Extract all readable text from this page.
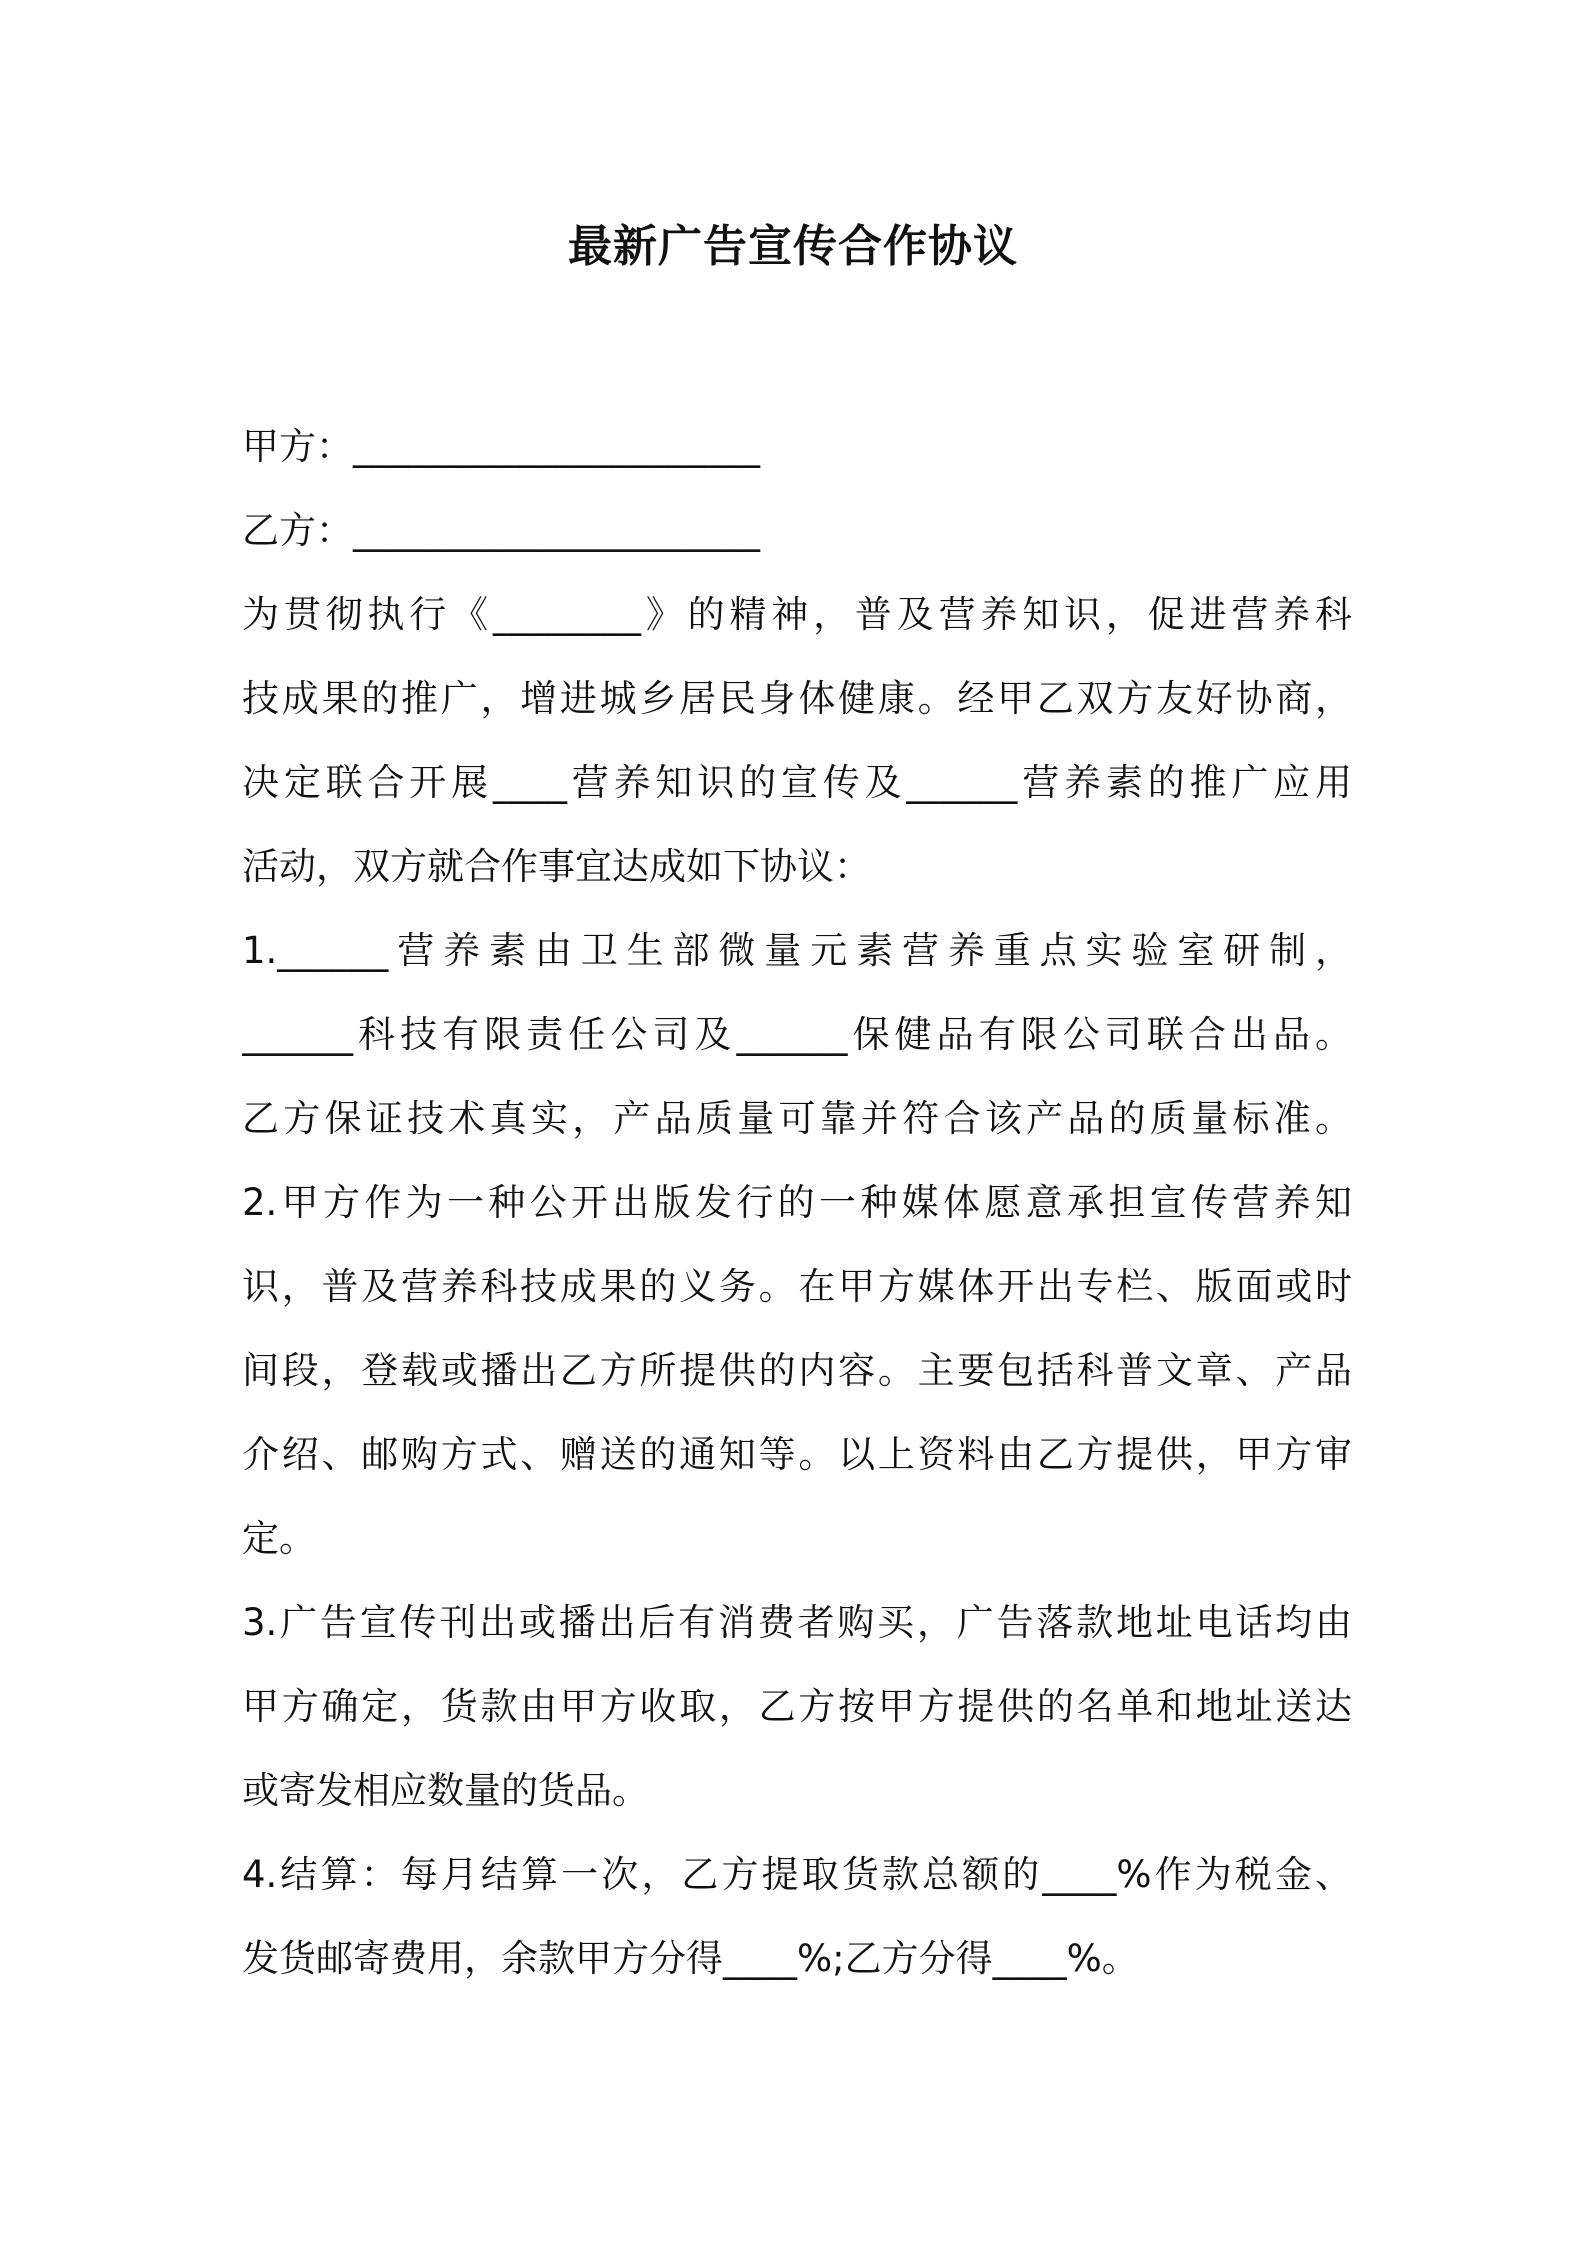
最新广告宣传合作协议

甲方：______________________

乙方：______________________

为贯彻执行《________》的精神，普及营养知识，促进营养科

技成果的推广，增进城乡居民身体健康。经甲乙双方友好协商，

决定联合开展____营养知识的宣传及______营养素的推广应用

活动，双方就合作事宜达成如下协议：

1.______营养素由卫生部微量元素营养重点实验室研制，

______科技有限责任公司及______保健品有限公司联合出品。

乙方保证技术真实，产品质量可靠并符合该产品的质量标准。

2.甲方作为一种公开出版发行的一种媒体愿意承担宣传营养知

识，普及营养科技成果的义务。在甲方媒体开出专栏、版面或时

间段，登载或播出乙方所提供的内容。主要包括科普文章、产品

介绍、邮购方式、赠送的通知等。以上资料由乙方提供，甲方审

定。

3.广告宣传刊出或播出后有消费者购买，广告落款地址电话均由

甲方确定，货款由甲方收取，乙方按甲方提供的名单和地址送达

或寄发相应数量的货品。

4.结算：每月结算一次，乙方提取货款总额的____%作为税金、

发货邮寄费用，余款甲方分得____%;乙方分得____%。
